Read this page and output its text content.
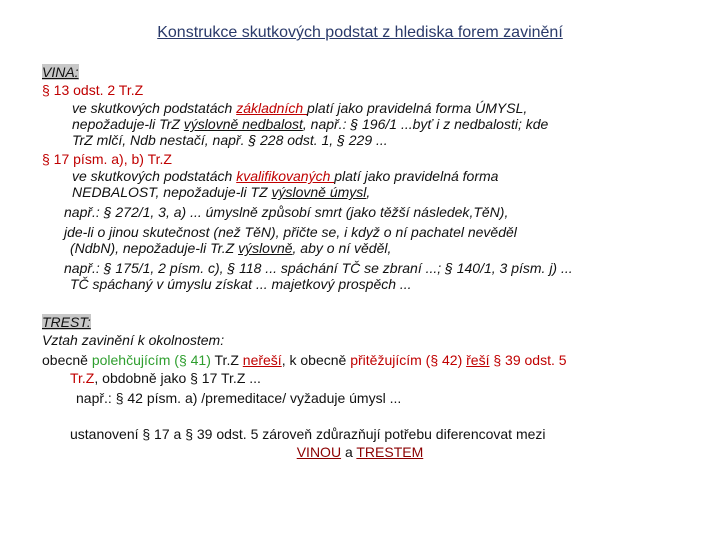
Konstrukce skutkových podstat z hlediska forem zavinění
VINA:
§ 13 odst. 2 Tr.Z
ve skutkových podstatách základních platí jako pravidelná forma ÚMYSL,
nepožaduje-li TrZ výslovně nedbalost, např.: § 196/1 ...byť i z nedbalosti; kde
TrZ mlčí, Ndb nestačí, např. § 228 odst. 1, § 229 ...
§ 17 písm. a), b) Tr.Z
ve skutkových podstatách kvalifikovaných platí jako pravidelná forma
NEDBALOST, nepožaduje-li TZ výslovně úmysl,
např.: § 272/1, 3, a) ... úmyslně způsobí smrt (jako těžší následek,TěN),
jde-li o jinou skutečnost (než TěN), přičte se, i když o ní pachatel nevěděl
(NdbN), nepožaduje-li Tr.Z výslovně, aby o ní věděl,
např.: § 175/1, 2 písm. c), § 118 ... spáchání TČ se zbraní ...; § 140/1, 3 písm. j) ...
TČ spáchaný v úmyslu získat ... majetkový prospěch ...
TREST:
Vztah zavinění k okolnostem:
obecně polehčujícím (§ 41) Tr.Z neřeší, k obecně přitěžujícím (§ 42) řeší § 39 odst. 5
Tr.Z, obdobně jako § 17 Tr.Z ...
např.: § 42 písm. a) /premeditace/ vyžaduje úmysl ...
ustanovení § 17 a § 39 odst. 5 zároveň zdůrazňují potřebu diferencovat mezi
VINOU a TRESTEM
